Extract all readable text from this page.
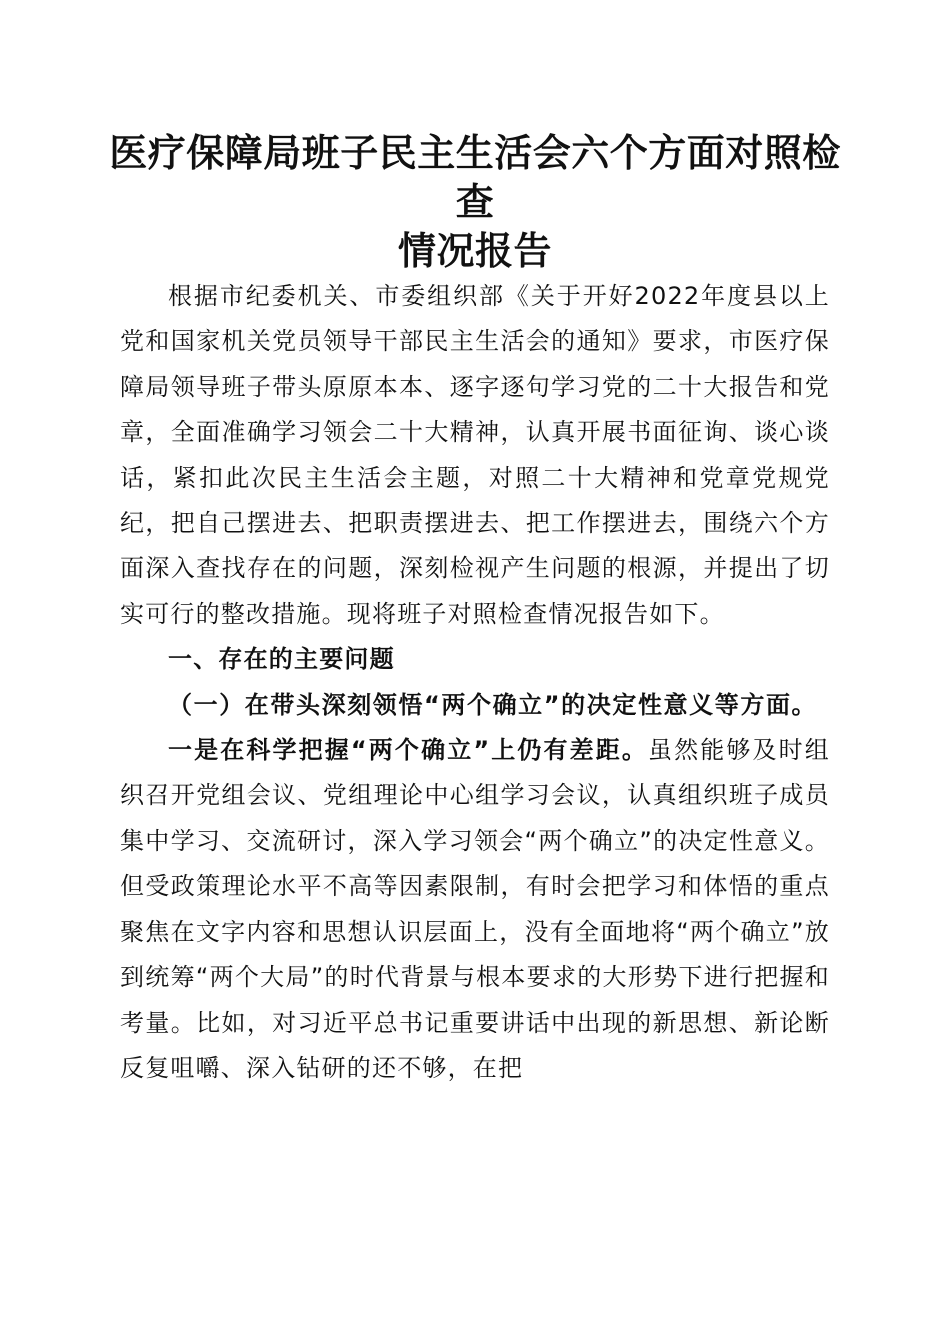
医疗保障局班子民主生活会六个方面对照检查
情况报告

根据市纪委机关、市委组织部《关于开好2022年度县以上党和国家机关党员领导干部民主生活会的通知》要求，市医疗保障局领导班子带头原原本本、逐字逐句学习党的二十大报告和党章，全面准确学习领会二十大精神，认真开展书面征询、谈心谈话，紧扣此次民主生活会主题，对照二十大精神和党章党规党纪，把自己摆进去、把职责摆进去、把工作摆进去，围绕六个方面深入查找存在的问题，深刻检视产生问题的根源，并提出了切实可行的整改措施。现将班子对照检查情况报告如下。

一、存在的主要问题

（一）在带头深刻领悟“两个确立”的决定性意义等方面。

一是在科学把握“两个确立”上仍有差距。虽然能够及时组织召开党组会议、党组理论中心组学习会议，认真组织班子成员集中学习、交流研讨，深入学习领会“两个确立”的决定性意义。但受政策理论水平不高等因素限制，有时会把学习和体悟的重点聚焦在文字内容和思想认识层面上，没有全面地将“两个确立”放到统筹“两个大局”的时代背景与根本要求的大形势下进行把握和考量。比如，对习近平总书记重要讲话中出现的新思想、新论断反复咀嚼、深入钻研的还不够，在把
